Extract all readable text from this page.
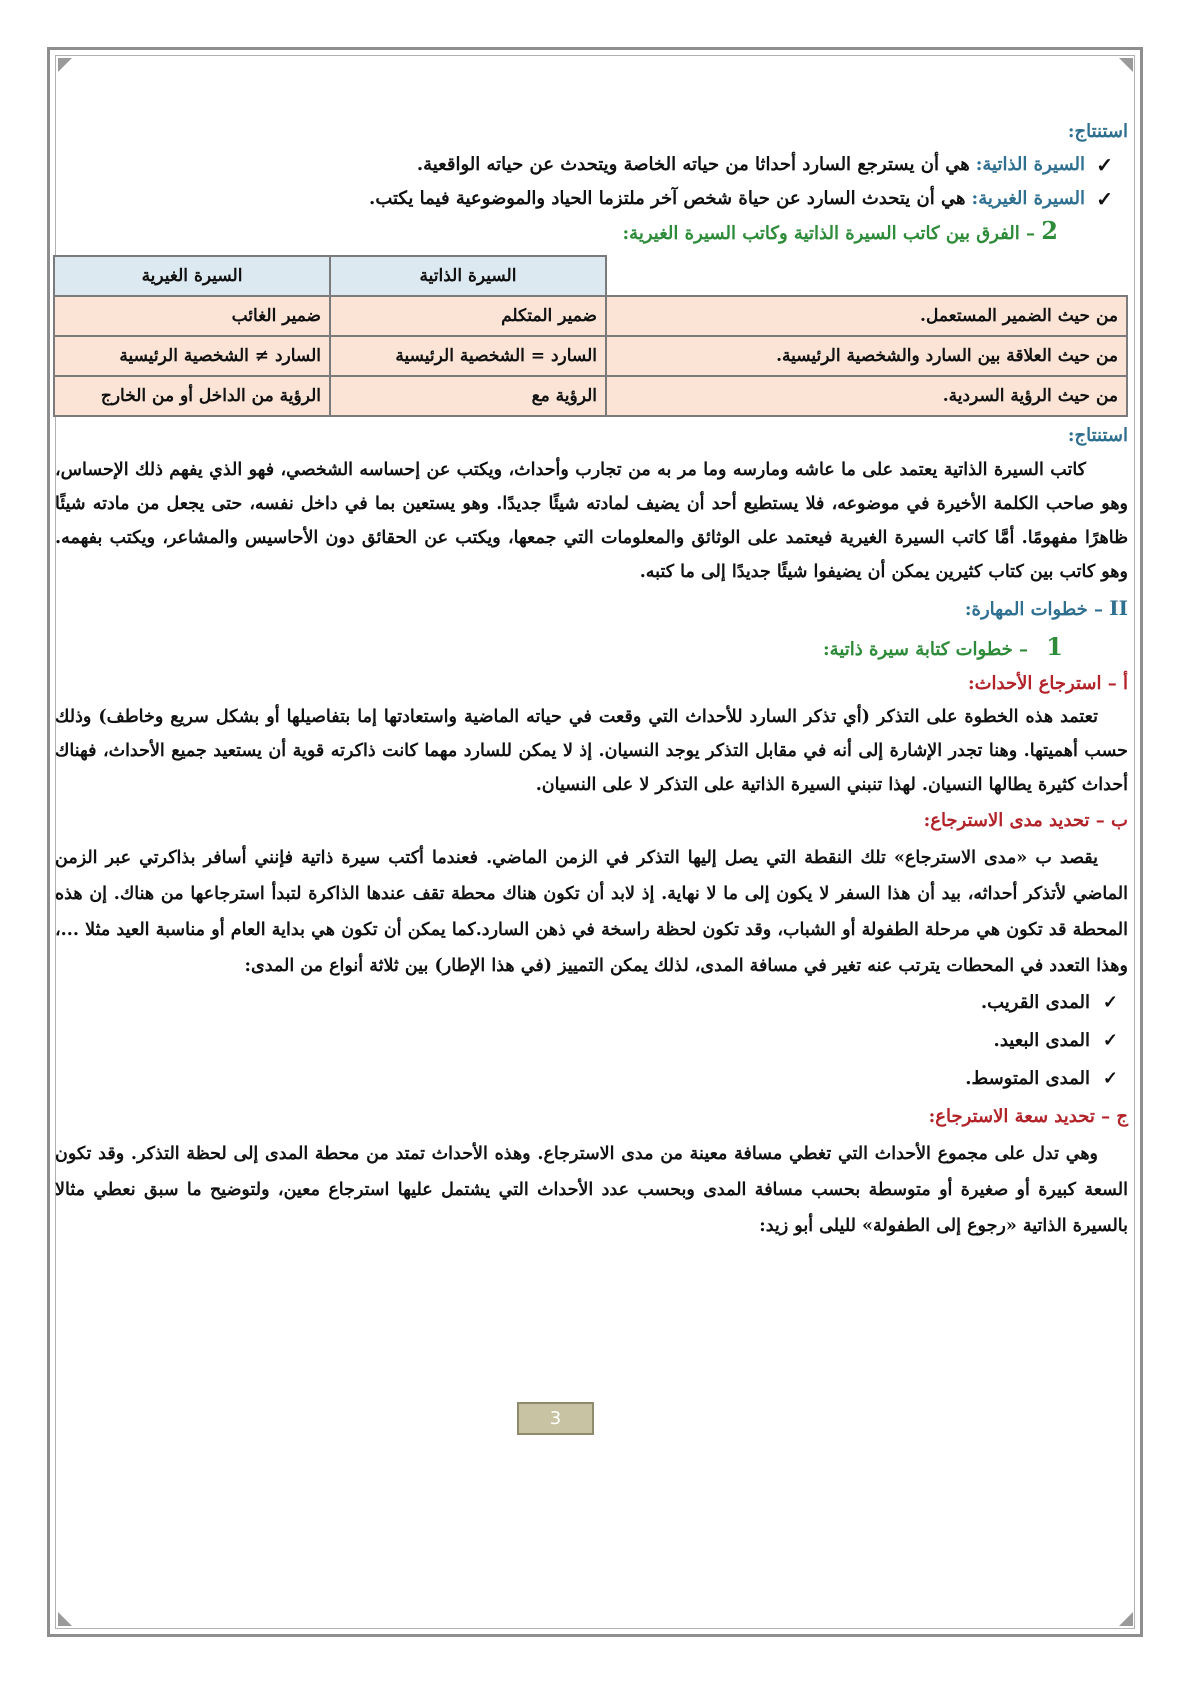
استنتاج:
✓
السيرة الذاتية:
هي أن يسترجع السارد أحداثا من حياته الخاصة ويتحدث عن حياته الواقعية.
✓
السيرة الغيرية:
هي أن يتحدث السارد عن حياة شخص آخر ملتزما الحياد والموضوعية فيما يكتب.
2 – الفرق بين كاتب السيرة الذاتية وكاتب السيرة الغيرية:
	السيرة الذاتية	السيرة الغيرية
من حيث الضمير المستعمل.	ضمير المتكلم	ضمير الغائب
من حيث العلاقة بين السارد والشخصية الرئيسية.	السارد = الشخصية الرئيسية	السارد ≠ الشخصية الرئيسية
من حيث الرؤية السردية.	الرؤية مع	الرؤية من الداخل أو من الخارج
استنتاج:

كاتب السيرة الذاتية يعتمد على ما عاشه ومارسه وما مر به من تجارب وأحداث، ويكتب عن إحساسه الشخصي، فهو الذي يفهم ذلك الإحساس، وهو صاحب الكلمة الأخيرة في موضوعه، فلا يستطيع أحد أن يضيف لمادته شيئًا جديدًا. وهو يستعين بما في داخل نفسه، حتى يجعل من مادته شيئًا ظاهرًا مفهومًا. أمَّا كاتب السيرة الغيرية فيعتمد على الوثائق والمعلومات التي جمعها، ويكتب عن الحقائق دون الأحاسيس والمشاعر، ويكتب بفهمه. وهو كاتب بين كتاب كثيرين يمكن أن يضيفوا شيئًا جديدًا إلى ما كتبه.

II – خطوات المهارة:
1 – خطوات كتابة سيرة ذاتية:
أ – استرجاع الأحداث:

تعتمد هذه الخطوة على التذكر (أي تذكر السارد للأحداث التي وقعت في حياته الماضية واستعادتها إما بتفاصيلها أو بشكل سريع وخاطف) وذلك حسب أهميتها. وهنا تجدر الإشارة إلى أنه في مقابل التذكر يوجد النسيان. إذ لا يمكن للسارد مهما كانت ذاكرته قوية أن يستعيد جميع الأحداث، فهناك أحداث كثيرة يطالها النسيان. لهذا تنبني السيرة الذاتية على التذكر لا على النسيان.

ب – تحديد مدى الاسترجاع:

يقصد ب «مدى الاسترجاع» تلك النقطة التي يصل إليها التذكر في الزمن الماضي. فعندما أكتب سيرة ذاتية فإنني أسافر بذاكرتي عبر الزمن الماضي لأتذكر أحداثه، بيد أن هذا السفر لا يكون إلى ما لا نهاية. إذ لابد أن تكون هناك محطة تقف عندها الذاكرة لتبدأ استرجاعها من هناك. إن هذه المحطة قد تكون هي مرحلة الطفولة أو الشباب، وقد تكون لحظة راسخة في ذهن السارد.كما يمكن أن تكون هي بداية العام أو مناسبة العيد مثلا ...، وهذا التعدد في المحطات يترتب عنه تغير في مسافة المدى، لذلك يمكن التمييز (في هذا الإطار) بين ثلاثة أنواع من المدى:

✓المدى القريب.
✓المدى البعيد.
✓المدى المتوسط.
ج – تحديد سعة الاسترجاع:

وهي تدل على مجموع الأحداث التي تغطي مسافة معينة من مدى الاسترجاع. وهذه الأحداث تمتد من محطة المدى إلى لحظة التذكر. وقد تكون السعة كبيرة أو صغيرة أو متوسطة بحسب مسافة المدى وبحسب عدد الأحداث التي يشتمل عليها استرجاع معين، ولتوضيح ما سبق نعطي مثالا بالسيرة الذاتية «رجوع إلى الطفولة» لليلى أبو زيد:

3
